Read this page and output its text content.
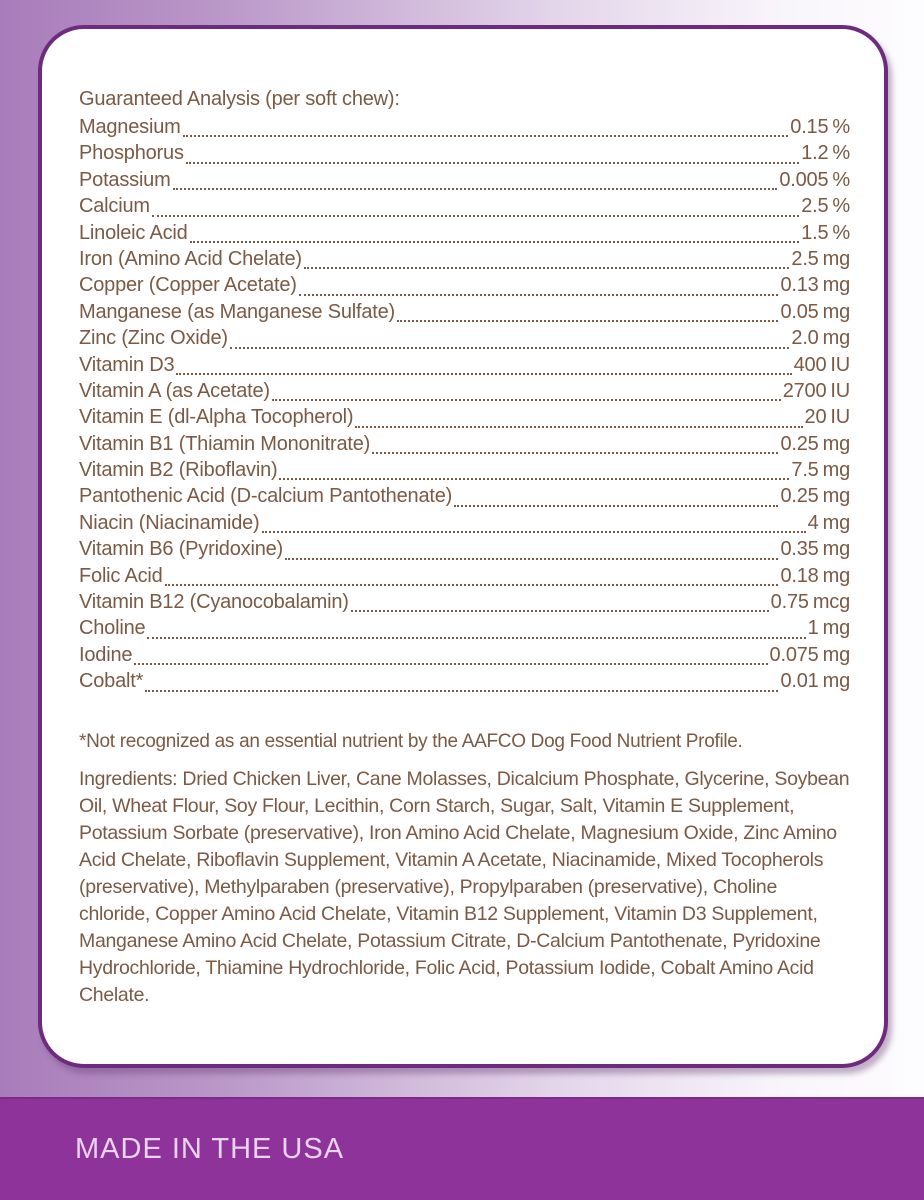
Guaranteed Analysis (per soft chew):
Magnesium	0.15 %
Phosphorus	1.2 %
Potassium	0.005 %
Calcium	2.5 %
Linoleic Acid	1.5 %
Iron (Amino Acid Chelate)	2.5 mg
Copper (Copper Acetate)	0.13 mg
Manganese (as Manganese Sulfate)	0.05 mg
Zinc (Zinc Oxide)	2.0 mg
Vitamin D3	400 IU
Vitamin A (as Acetate)	2700 IU
Vitamin E (dl-Alpha Tocopherol)	20 IU
Vitamin B1 (Thiamin Mononitrate)	0.25 mg
Vitamin B2 (Riboflavin)	7.5 mg
Pantothenic Acid (D-calcium Pantothenate)	0.25 mg
Niacin (Niacinamide)	4 mg
Vitamin B6 (Pyridoxine)	0.35 mg
Folic Acid	0.18 mg
Vitamin B12 (Cyanocobalamin)	0.75 mcg
Choline	1 mg
Iodine	0.075 mg
Cobalt*	0.01 mg

*Not recognized as an essential nutrient by the AAFCO Dog Food Nutrient Profile.

Ingredients: Dried Chicken Liver, Cane Molasses, Dicalcium Phosphate, Glycerine, Soybean Oil, Wheat Flour, Soy Flour, Lecithin, Corn Starch, Sugar, Salt, Vitamin E Supplement, Potassium Sorbate (preservative), Iron Amino Acid Chelate, Magnesium Oxide, Zinc Amino Acid Chelate, Riboflavin Supplement, Vitamin A Acetate, Niacinamide, Mixed Tocopherols (preservative), Methylparaben (preservative), Propylparaben (preservative), Choline chloride, Copper Amino Acid Chelate, Vitamin B12 Supplement, Vitamin D3 Supplement, Manganese Amino Acid Chelate, Potassium Citrate, D-Calcium Pantothenate, Pyridoxine Hydrochloride, Thiamine Hydrochloride, Folic Acid, Potassium Iodide, Cobalt Amino Acid Chelate.

MADE IN THE USA
